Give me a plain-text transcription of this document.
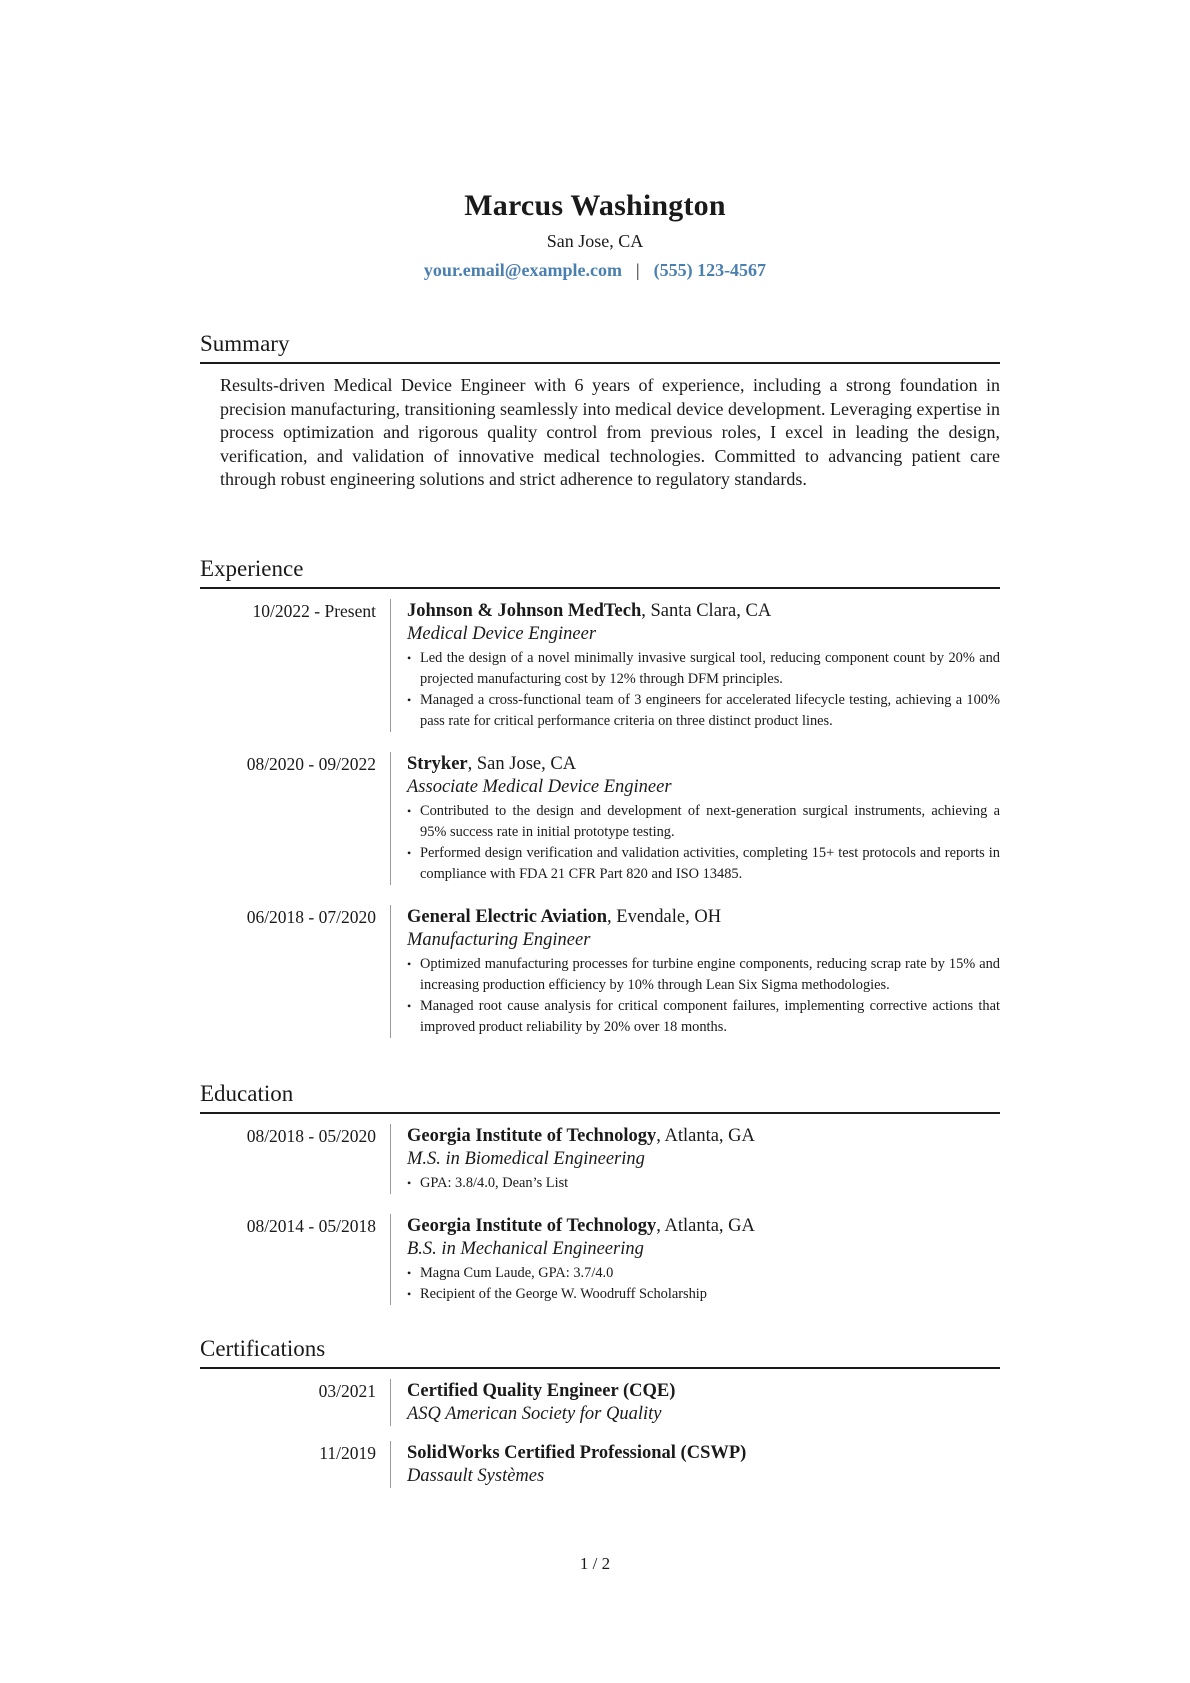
Marcus Washington
San Jose, CA
your.email@example.com | (555) 123-4567
Summary
Results-driven Medical Device Engineer with 6 years of experience, including a strong foundation in precision manufacturing, transitioning seamlessly into medical device development. Leveraging expertise in process optimization and rigorous quality control from previous roles, I excel in leading the design, verification, and validation of innovative medical technologies. Committed to advancing patient care through robust engineering solutions and strict adherence to regulatory standards.
Experience
10/2022 - Present	Johnson & Johnson MedTech, Santa Clara, CA
Medical Device Engineer
• Led the design of a novel minimally invasive surgical tool, reducing component count by 20% and projected manufacturing cost by 12% through DFM principles.
• Managed a cross-functional team of 3 engineers for accelerated lifecycle testing, achieving a 100% pass rate for critical performance criteria on three distinct product lines.
08/2020 - 09/2022	Stryker, San Jose, CA
Associate Medical Device Engineer
• Contributed to the design and development of next-generation surgical instruments, achieving a 95% success rate in initial prototype testing.
• Performed design verification and validation activities, completing 15+ test protocols and reports in compliance with FDA 21 CFR Part 820 and ISO 13485.
06/2018 - 07/2020	General Electric Aviation, Evendale, OH
Manufacturing Engineer
• Optimized manufacturing processes for turbine engine components, reducing scrap rate by 15% and increasing production efficiency by 10% through Lean Six Sigma methodologies.
• Managed root cause analysis for critical component failures, implementing corrective actions that improved product reliability by 20% over 18 months.
Education
08/2018 - 05/2020	Georgia Institute of Technology, Atlanta, GA
M.S. in Biomedical Engineering
• GPA: 3.8/4.0, Dean’s List
08/2014 - 05/2018	Georgia Institute of Technology, Atlanta, GA
B.S. in Mechanical Engineering
• Magna Cum Laude, GPA: 3.7/4.0
• Recipient of the George W. Woodruff Scholarship
Certifications
03/2021	Certified Quality Engineer (CQE)
ASQ American Society for Quality
11/2019	SolidWorks Certified Professional (CSWP)
Dassault Systèmes
1 / 2
